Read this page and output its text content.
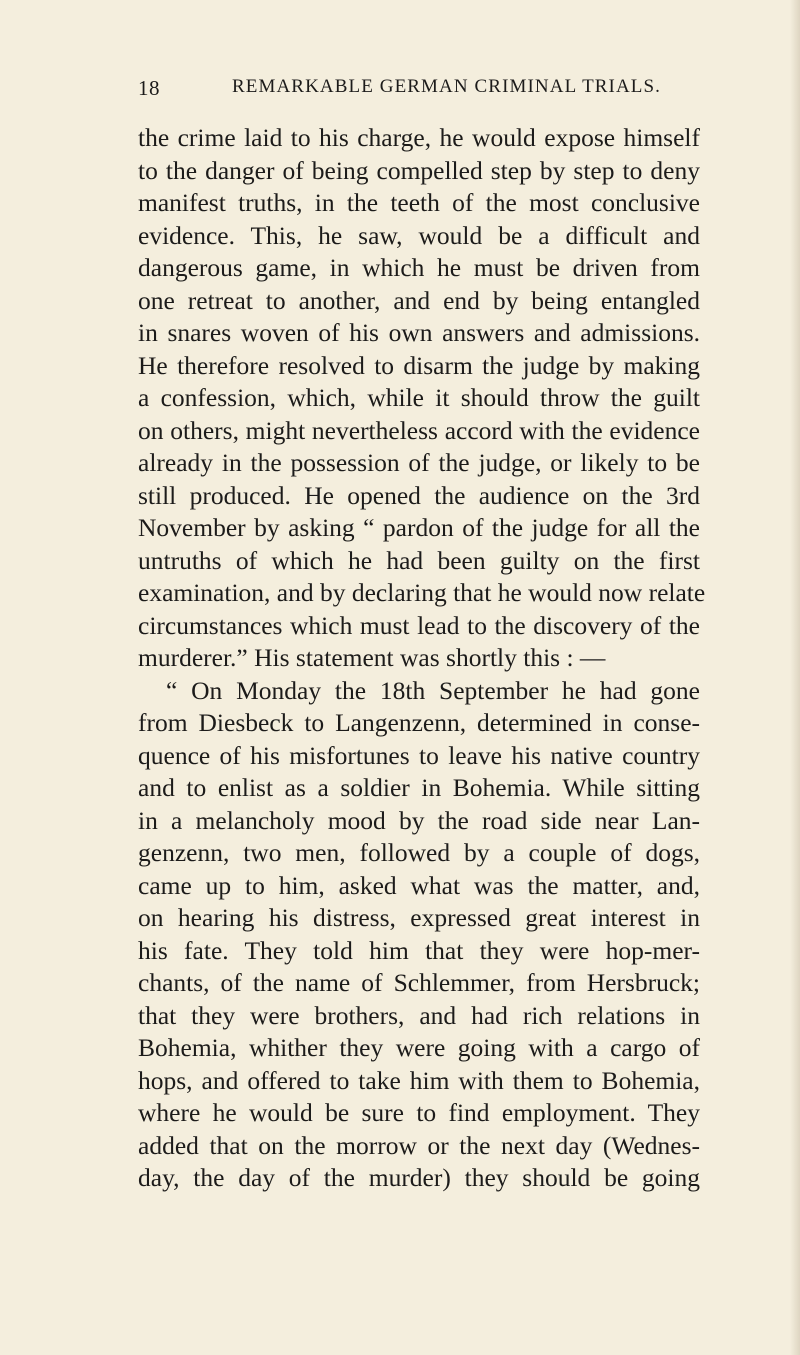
18	REMARKABLE GERMAN CRIMINAL TRIALS.
the crime laid to his charge, he would expose himself
to the danger of being compelled step by step to deny
manifest truths, in the teeth of the most conclusive
evidence. This, he saw, would be a difficult and
dangerous game, in which he must be driven from
one retreat to another, and end by being entangled
in snares woven of his own answers and admissions.
He therefore resolved to disarm the judge by making
a confession, which, while it should throw the guilt
on others, might nevertheless accord with the evidence
already in the possession of the judge, or likely to be
still produced. He opened the audience on the 3rd
November by asking “ pardon of the judge for all the
untruths of which he had been guilty on the first
examination, and by declaring that he would now relate
circumstances which must lead to the discovery of the
murderer.” His statement was shortly this : —
“ On Monday the 18th September he had gone
from Diesbeck to Langenzenn, determined in conse-
quence of his misfortunes to leave his native country
and to enlist as a soldier in Bohemia. While sitting
in a melancholy mood by the road side near Lan-
genzenn, two men, followed by a couple of dogs,
came up to him, asked what was the matter, and,
on hearing his distress, expressed great interest in
his fate. They told him that they were hop-mer-
chants, of the name of Schlemmer, from Hersbruck;
that they were brothers, and had rich relations in
Bohemia, whither they were going with a cargo of
hops, and offered to take him with them to Bohemia,
where he would be sure to find employment. They
added that on the morrow or the next day (Wednes-
day, the day of the murder) they should be going
